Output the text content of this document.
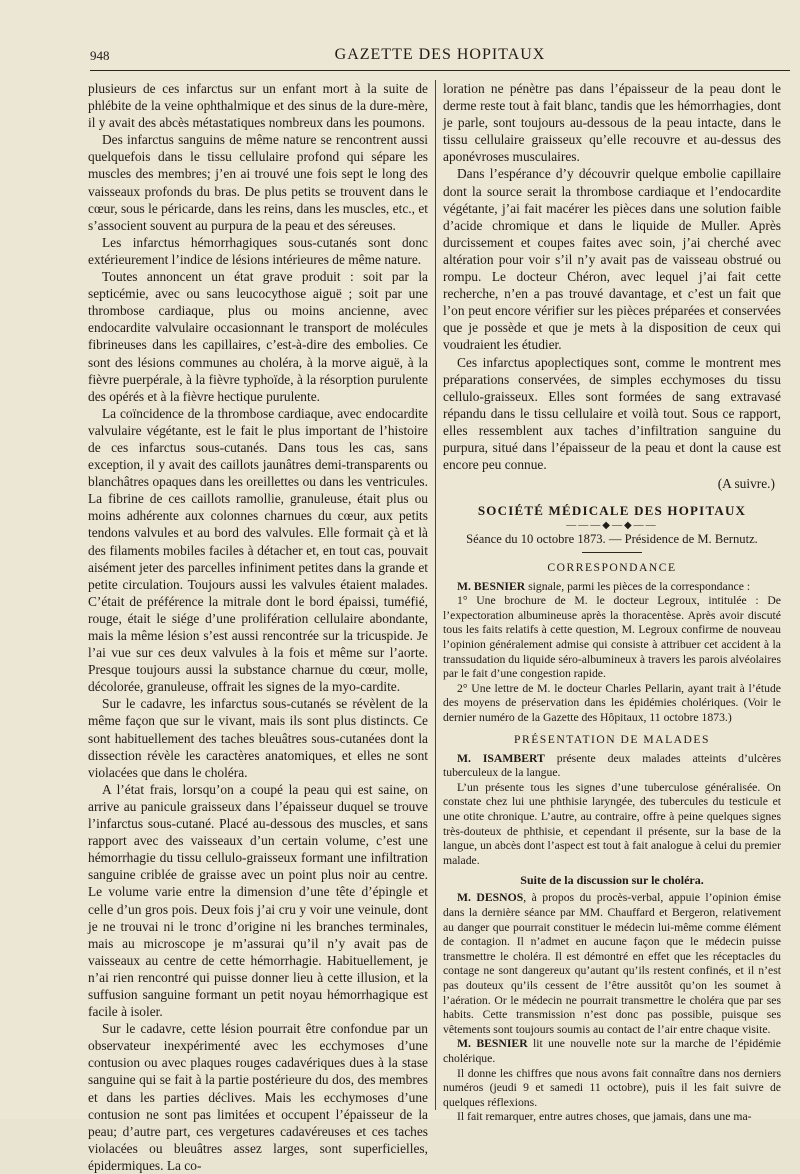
948	GAZETTE DES HOPITAUX

plusieurs de ces infarctus sur un enfant mort à la suite de phlébite de la veine ophthalmique et des sinus de la dure-mère, il y avait des abcès métastatiques nombreux dans les poumons.

Des infarctus sanguins de même nature se rencontrent aussi quelquefois dans le tissu cellulaire profond qui sépare les muscles des membres; j’en ai trouvé une fois sept le long des vaisseaux profonds du bras. De plus petits se trouvent dans le cœur, sous le péricarde, dans les reins, dans les muscles, etc., et s’associent souvent au purpura de la peau et des séreuses.

Les infarctus hémorrhagiques sous-cutanés sont donc extérieurement l’indice de lésions intérieures de même nature.

Toutes annoncent un état grave produit : soit par la septicémie, avec ou sans leucocythose aiguë ; soit par une thrombose cardiaque, plus ou moins ancienne, avec endocardite valvulaire occasionnant le transport de molécules fibrineuses dans les capillaires, c’est-à-dire des embolies. Ce sont des lésions communes au choléra, à la morve aiguë, à la fièvre puerpérale, à la fièvre typhoïde, à la résorption purulente des opérés et à la fièvre hectique purulente.

La coïncidence de la thrombose cardiaque, avec endocardite valvulaire végétante, est le fait le plus important de l’histoire de ces infarctus sous-cutanés. Dans tous les cas, sans exception, il y avait des caillots jaunâtres demi-transparents ou blanchâtres opaques dans les oreillettes ou dans les ventricules. La fibrine de ces caillots ramollie, granuleuse, était plus ou moins adhérente aux colonnes charnues du cœur, aux petits tendons valvules et au bord des valvules. Elle formait çà et là des filaments mobiles faciles à détacher et, en tout cas, pouvait aisément jeter des parcelles infiniment petites dans la grande et petite circulation. Toujours aussi les valvules étaient malades. C’était de préférence la mitrale dont le bord épaissi, tuméfié, rouge, était le siége d’une prolifération cellulaire abondante, mais la même lésion s’est aussi rencontrée sur la tricuspide. Je l’ai vue sur ces deux valvules à la fois et même sur l’aorte. Presque toujours aussi la substance charnue du cœur, molle, décolorée, granuleuse, offrait les signes de la myo-cardite.

Sur le cadavre, les infarctus sous-cutanés se révèlent de la même façon que sur le vivant, mais ils sont plus distincts. Ce sont habituellement des taches bleuâtres sous-cutanées dont la dissection révèle les caractères anatomiques, et elles ne sont violacées que dans le choléra.

A l’état frais, lorsqu’on a coupé la peau qui est saine, on arrive au panicule graisseux dans l’épaisseur duquel se trouve l’infarctus sous-cutané. Placé au-dessous des muscles, et sans rapport avec des vaisseaux d’un certain volume, c’est une hémorrhagie du tissu cellulo-graisseux formant une infiltration sanguine criblée de graisse avec un point plus noir au centre. Le volume varie entre la dimension d’une tête d’épingle et celle d’un gros pois. Deux fois j’ai cru y voir une veinule, dont je ne trouvai ni le tronc d’origine ni les branches terminales, mais au microscope je m’assurai qu’il n’y avait pas de vaisseaux au centre de cette hémorrhagie. Habituellement, je n’ai rien rencontré qui puisse donner lieu à cette illusion, et la suffusion sanguine formant un petit noyau hémorrhagique est facile à isoler.

Sur le cadavre, cette lésion pourrait être confondue par un observateur inexpérimenté avec les ecchymoses d’une contusion ou avec plaques rouges cadavériques dues à la stase sanguine qui se fait à la partie postérieure du dos, des membres et dans les parties déclives. Mais les ecchymoses d’une contusion ne sont pas limitées et occupent l’épaisseur de la peau; d’autre part, ces vergetures cadavéreuses et ces taches violacées ou bleuâtres assez larges, sont superficielles, épidermiques. La co-

loration ne pénètre pas dans l’épaisseur de la peau dont le derme reste tout à fait blanc, tandis que les hémorrhagies, dont je parle, sont toujours au-dessous de la peau intacte, dans le tissu cellulaire graisseux qu’elle recouvre et au-dessus des aponévroses musculaires.

Dans l’espérance d’y découvrir quelque embolie capillaire dont la source serait la thrombose cardiaque et l’endocardite végétante, j’ai fait macérer les pièces dans une solution faible d’acide chromique et dans le liquide de Muller. Après durcissement et coupes faites avec soin, j’ai cherché avec altération pour voir s’il n’y avait pas de vaisseau obstrué ou rompu. Le docteur Chéron, avec lequel j’ai fait cette recherche, n’en a pas trouvé davantage, et c’est un fait que l’on peut encore vérifier sur les pièces préparées et conservées que je possède et que je mets à la disposition de ceux qui voudraient les étudier.

Ces infarctus apoplectiques sont, comme le montrent mes préparations conservées, de simples ecchymoses du tissu cellulo-graisseux. Elles sont formées de sang extravasé répandu dans le tissu cellulaire et voilà tout. Sous ce rapport, elles ressemblent aux taches d’infiltration sanguine du purpura, situé dans l’épaisseur de la peau et dont la cause est encore peu connue.

(A suivre.)

SOCIÉTÉ MÉDICALE DES HOPITAUX
———◆—◆——
Séance du 10 octobre 1873. — Présidence de M. Bernutz.
CORRESPONDANCE

M. BESNIER signale, parmi les pièces de la correspondance :

1° Une brochure de M. le docteur Legroux, intitulée : De l’expectoration albumineuse après la thoracentèse. Après avoir discuté tous les faits relatifs à cette question, M. Legroux confirme de nouveau l’opinion généralement admise qui consiste à attribuer cet accident à la transsudation du liquide séro-albumineux à travers les parois alvéolaires par le fait d’une congestion rapide.

2° Une lettre de M. le docteur Charles Pellarin, ayant trait à l’étude des moyens de préservation dans les épidémies cholériques. (Voir le dernier numéro de la Gazette des Hôpitaux, 11 octobre 1873.)

PRÉSENTATION DE MALADES

M. ISAMBERT présente deux malades atteints d’ulcères tuberculeux de la langue.

L’un présente tous les signes d’une tuberculose généralisée. On constate chez lui une phthisie laryngée, des tubercules du testicule et une otite chronique. L’autre, au contraire, offre à peine quelques signes très-douteux de phthisie, et cependant il présente, sur la base de la langue, un abcès dont l’aspect est tout à fait analogue à celui du premier malade.

Suite de la discussion sur le choléra.

M. DESNOS, à propos du procès-verbal, appuie l’opinion émise dans la dernière séance par MM. Chauffard et Bergeron, relativement au danger que pourrait constituer le médecin lui-même comme élément de contagion. Il n’admet en aucune façon que le médecin puisse transmettre le choléra. Il est démontré en effet que les réceptacles du contage ne sont dangereux qu’autant qu’ils restent confinés, et il n’est pas douteux qu’ils cessent de l’être aussitôt qu’on les soumet à l’aération. Or le médecin ne pourrait transmettre le choléra que par ses habits. Cette transmission n’est donc pas possible, puisque ses vêtements sont toujours soumis au contact de l’air entre chaque visite.

M. BESNIER lit une nouvelle note sur la marche de l’épidémie cholérique.

Il donne les chiffres que nous avons fait connaître dans nos derniers numéros (jeudi 9 et samedi 11 octobre), puis il les fait suivre de quelques réflexions.

Il fait remarquer, entre autres choses, que jamais, dans une ma-
